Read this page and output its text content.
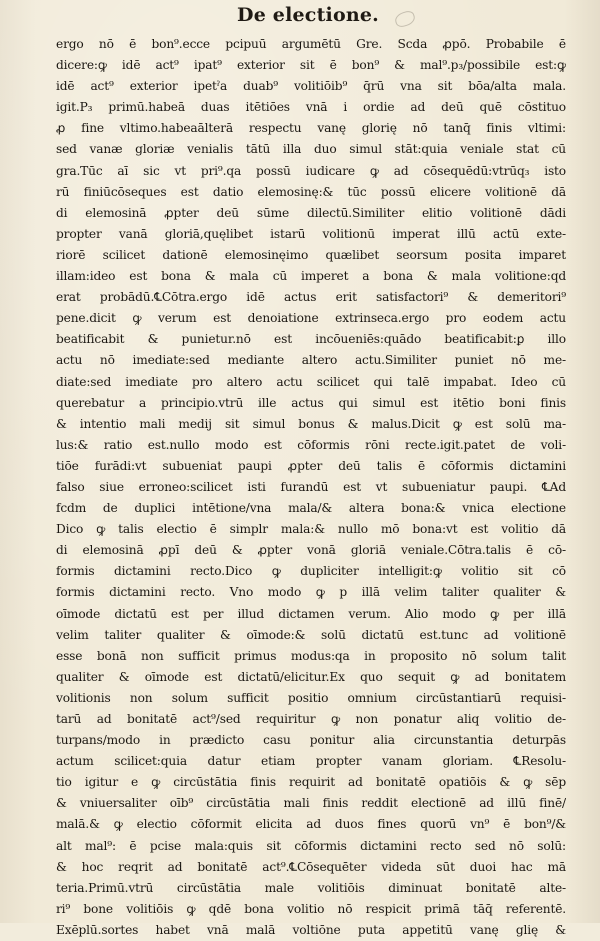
De electione.
ergo nō ē bon⁹.ecce pcipuū argumētū Gre. Scda ꝓpō. Probabile ē
dicere:ꝙ idē act⁹ ipat⁹ exterior sit ē bon⁹ & mal⁹.p₃/possibile est:ꝙ
idē act⁹ exterior ipetˀa duab⁹ volitiōib⁹ q̄rū vna sit bōa/alta mala.
igit.P₃ primū.habeā duas itētiōes vnā i ordie ad deū quē cōstituo
ꝓ fine vltimo.habeaālterā respectu vanę glorię nō tanq̄ finis vltimi:
sed vanæ gloriæ venialis tātū illa duo simul stāt:quia veniale stat cū
gra.Tūc aī sic vt pri⁹.qa possū iudicare ꝙ ad cōsequēdū:vtrūq₃ isto
rū finiūcōseques est datio elemosinę:& tūc possū elicere volitionē dā
di elemosinā ꝓpter deū sūme dilectū.Similiter elitio volitionē dādi
propter vanā gloriā,quęlibet istarū volitionū imperat illū actū exte-
riorē scilicet dationē elemosinęimo quælibet seorsum posita imparet
illam:ideo est bona & mala cū imperet a bona & mala volitione:qd
erat probādū.℄Cōtra.ergo idē actus erit satisfactori⁹ & demeritori⁹
pene.dicit ꝙ verum est denoiatione extrinseca.ergo pro eodem actu
beatificabit & punietur.nō est incōueniēs:quādo beatificabit:ꝑ illo
actu nō imediate:sed mediante altero actu.Similiter puniet nō me-
diate:sed imediate pro altero actu scilicet qui talē impabat. Ideo cū
querebatur a principio.vtrū ille actus qui simul est itētio boni finis
& intentio mali medij sit simul bonus & malus.Dicit ꝙ est solū ma-
lus:& ratio est.nullo modo est cōformis rōni recte.igit.patet de voli-
tiōe furādi:vt subueniat paupi ꝓpter deū talis ē cōformis dictamini
falso siue erroneo:scilicet isti furandū est vt subueniatur paupi. ℄Ad
fcdm de duplici intētione/vna mala/& altera bona:& vnica electione
Dico ꝙ talis electio ē simplr mala:& nullo mō bona:vt est volitio dā
di elemosinā ꝓpī deū & ꝓpter vonā gloriā veniale.Cōtra.talis ē cō-
formis dictamini recto.Dico ꝙ dupliciter intelligit:ꝙ volitio sit cō
formis dictamini recto. Vno modo ꝙ p illā velim taliter qualiter &
oīmode dictatū est per illud dictamen verum. Alio modo ꝙ per illā
velim taliter qualiter & oīmode:& solū dictatū est.tunc ad volitionē
esse bonā non sufficit primus modus:qa in proposito nō solum talit
qualiter & oīmode est dictatū/elicitur.Ex quo sequit ꝙ ad bonitatem
volitionis non solum sufficit positio omnium circūstantiarū requisi-
tarū ad bonitatē act⁹/sed requiritur ꝙ non ponatur aliq volitio de-
turpans/modo in prædicto casu ponitur alia circunstantia deturpās
actum scilicet:quia datur etiam propter vanam gloriam. ℄Resolu-
tio igitur e ꝙ circūstātia finis requirit ad bonitatē opatiōis & ꝙ sēp
& vniuersaliter oīb⁹ circūstātia mali finis reddit electionē ad illū finē/
malā.& ꝙ electio cōformit elicita ad duos fines quorū vn⁹ ē bon⁹/&
alt mal⁹: ē pcise mala:quis sit cōformis dictamini recto sed nō solū:
& hoc reqrit ad bonitatē act⁹.℄Cōsequēter videda sūt duoi hac mā
teria.Primū.vtrū circūstātia male volitiōis diminuat bonitatē alte-
ri⁹ bone volitiōis ꝙ qdē bona volitio nō respicit primā tāq̄ referentē.
Exēplū.sortes habet vnā malā voltiōne puta appetitū vanę glię &
